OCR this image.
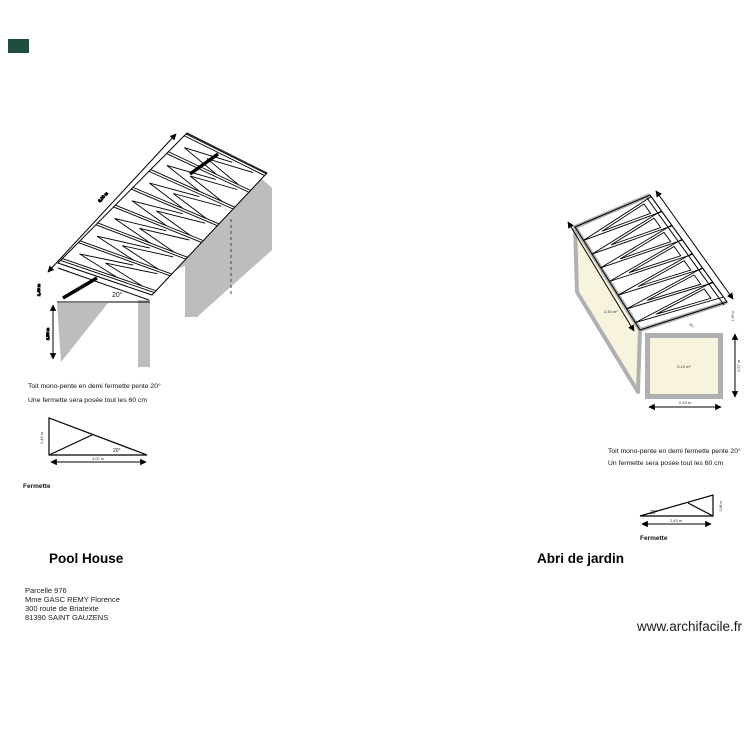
6,00 m
1,46 m
2,50 m
20°
20°
4,00 m
1,46 m
2,43 m²
5,10 m²
20°
1,97 m
1,09 m
2,43 m
20°
2,43 m
0,88 m
Toit mono-pente en demi fermette pente 20°
Une fermette sera posée tout les 60 cm
Fermette
Pool House
Parcelle 976
Mme GASC REMY Florence
300 route de Briatexte
81390 SAINT GAUZENS
Toit mono-pente en demi fermette pente 20°
Un fermette sera posée tout les 60 cm
Fermette
Abri de jardin
www.archifacile.fr
